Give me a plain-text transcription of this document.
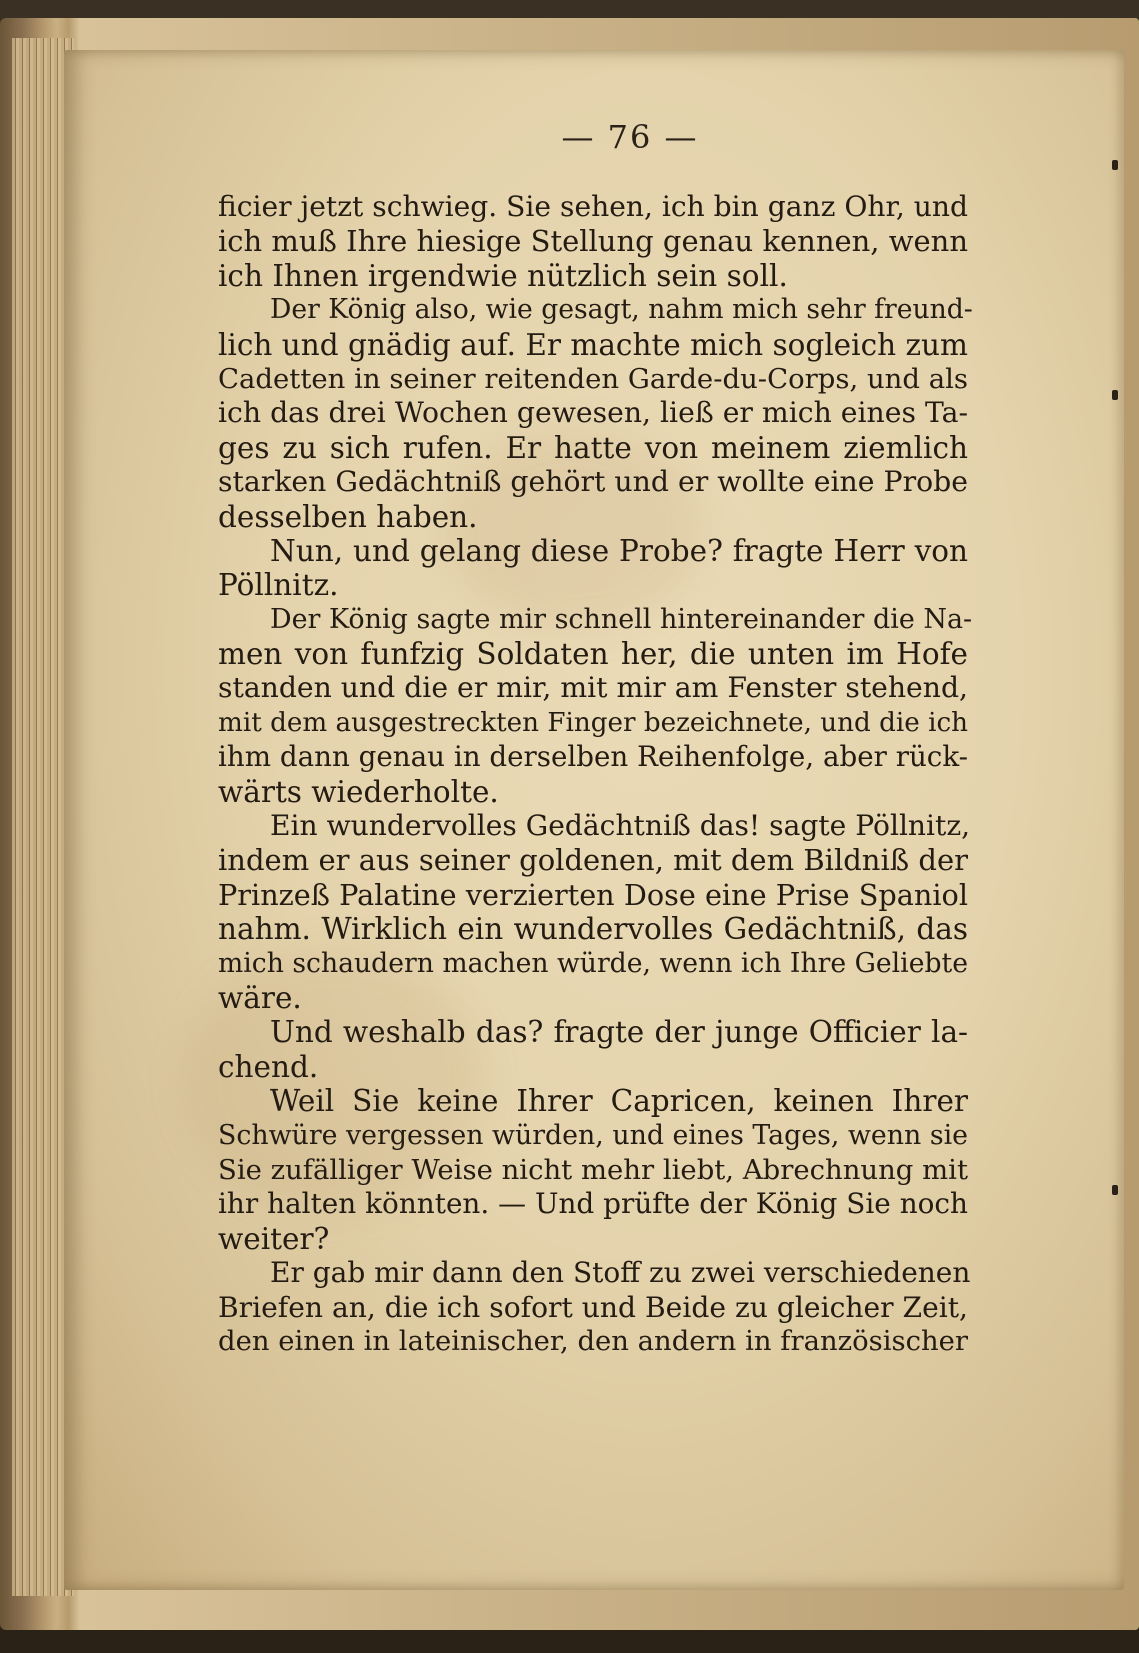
— 76 —
ficier jetzt schwieg. Sie sehen, ich bin ganz Ohr, und
ich muß Ihre hiesige Stellung genau kennen, wenn
ich Ihnen irgendwie nützlich sein soll.
Der König also, wie gesagt, nahm mich sehr freund-
lich und gnädig auf. Er machte mich sogleich zum
Cadetten in seiner reitenden Garde-du-Corps, und als
ich das drei Wochen gewesen, ließ er mich eines Ta-
ges zu sich rufen. Er hatte von meinem ziemlich
starken Gedächtniß gehört und er wollte eine Probe
desselben haben.
Nun, und gelang diese Probe? fragte Herr von
Pöllnitz.
Der König sagte mir schnell hintereinander die Na-
men von funfzig Soldaten her, die unten im Hofe
standen und die er mir, mit mir am Fenster stehend,
mit dem ausgestreckten Finger bezeichnete, und die ich
ihm dann genau in derselben Reihenfolge, aber rück-
wärts wiederholte.
Ein wundervolles Gedächtniß das! sagte Pöllnitz,
indem er aus seiner goldenen, mit dem Bildniß der
Prinzeß Palatine verzierten Dose eine Prise Spaniol
nahm. Wirklich ein wundervolles Gedächtniß, das
mich schaudern machen würde, wenn ich Ihre Geliebte
wäre.
Und weshalb das? fragte der junge Officier la-
chend.
Weil Sie keine Ihrer Capricen, keinen Ihrer
Schwüre vergessen würden, und eines Tages, wenn sie
Sie zufälliger Weise nicht mehr liebt, Abrechnung mit
ihr halten könnten. — Und prüfte der König Sie noch
weiter?
Er gab mir dann den Stoff zu zwei verschiedenen
Briefen an, die ich sofort und Beide zu gleicher Zeit,
den einen in lateinischer, den andern in französischer
